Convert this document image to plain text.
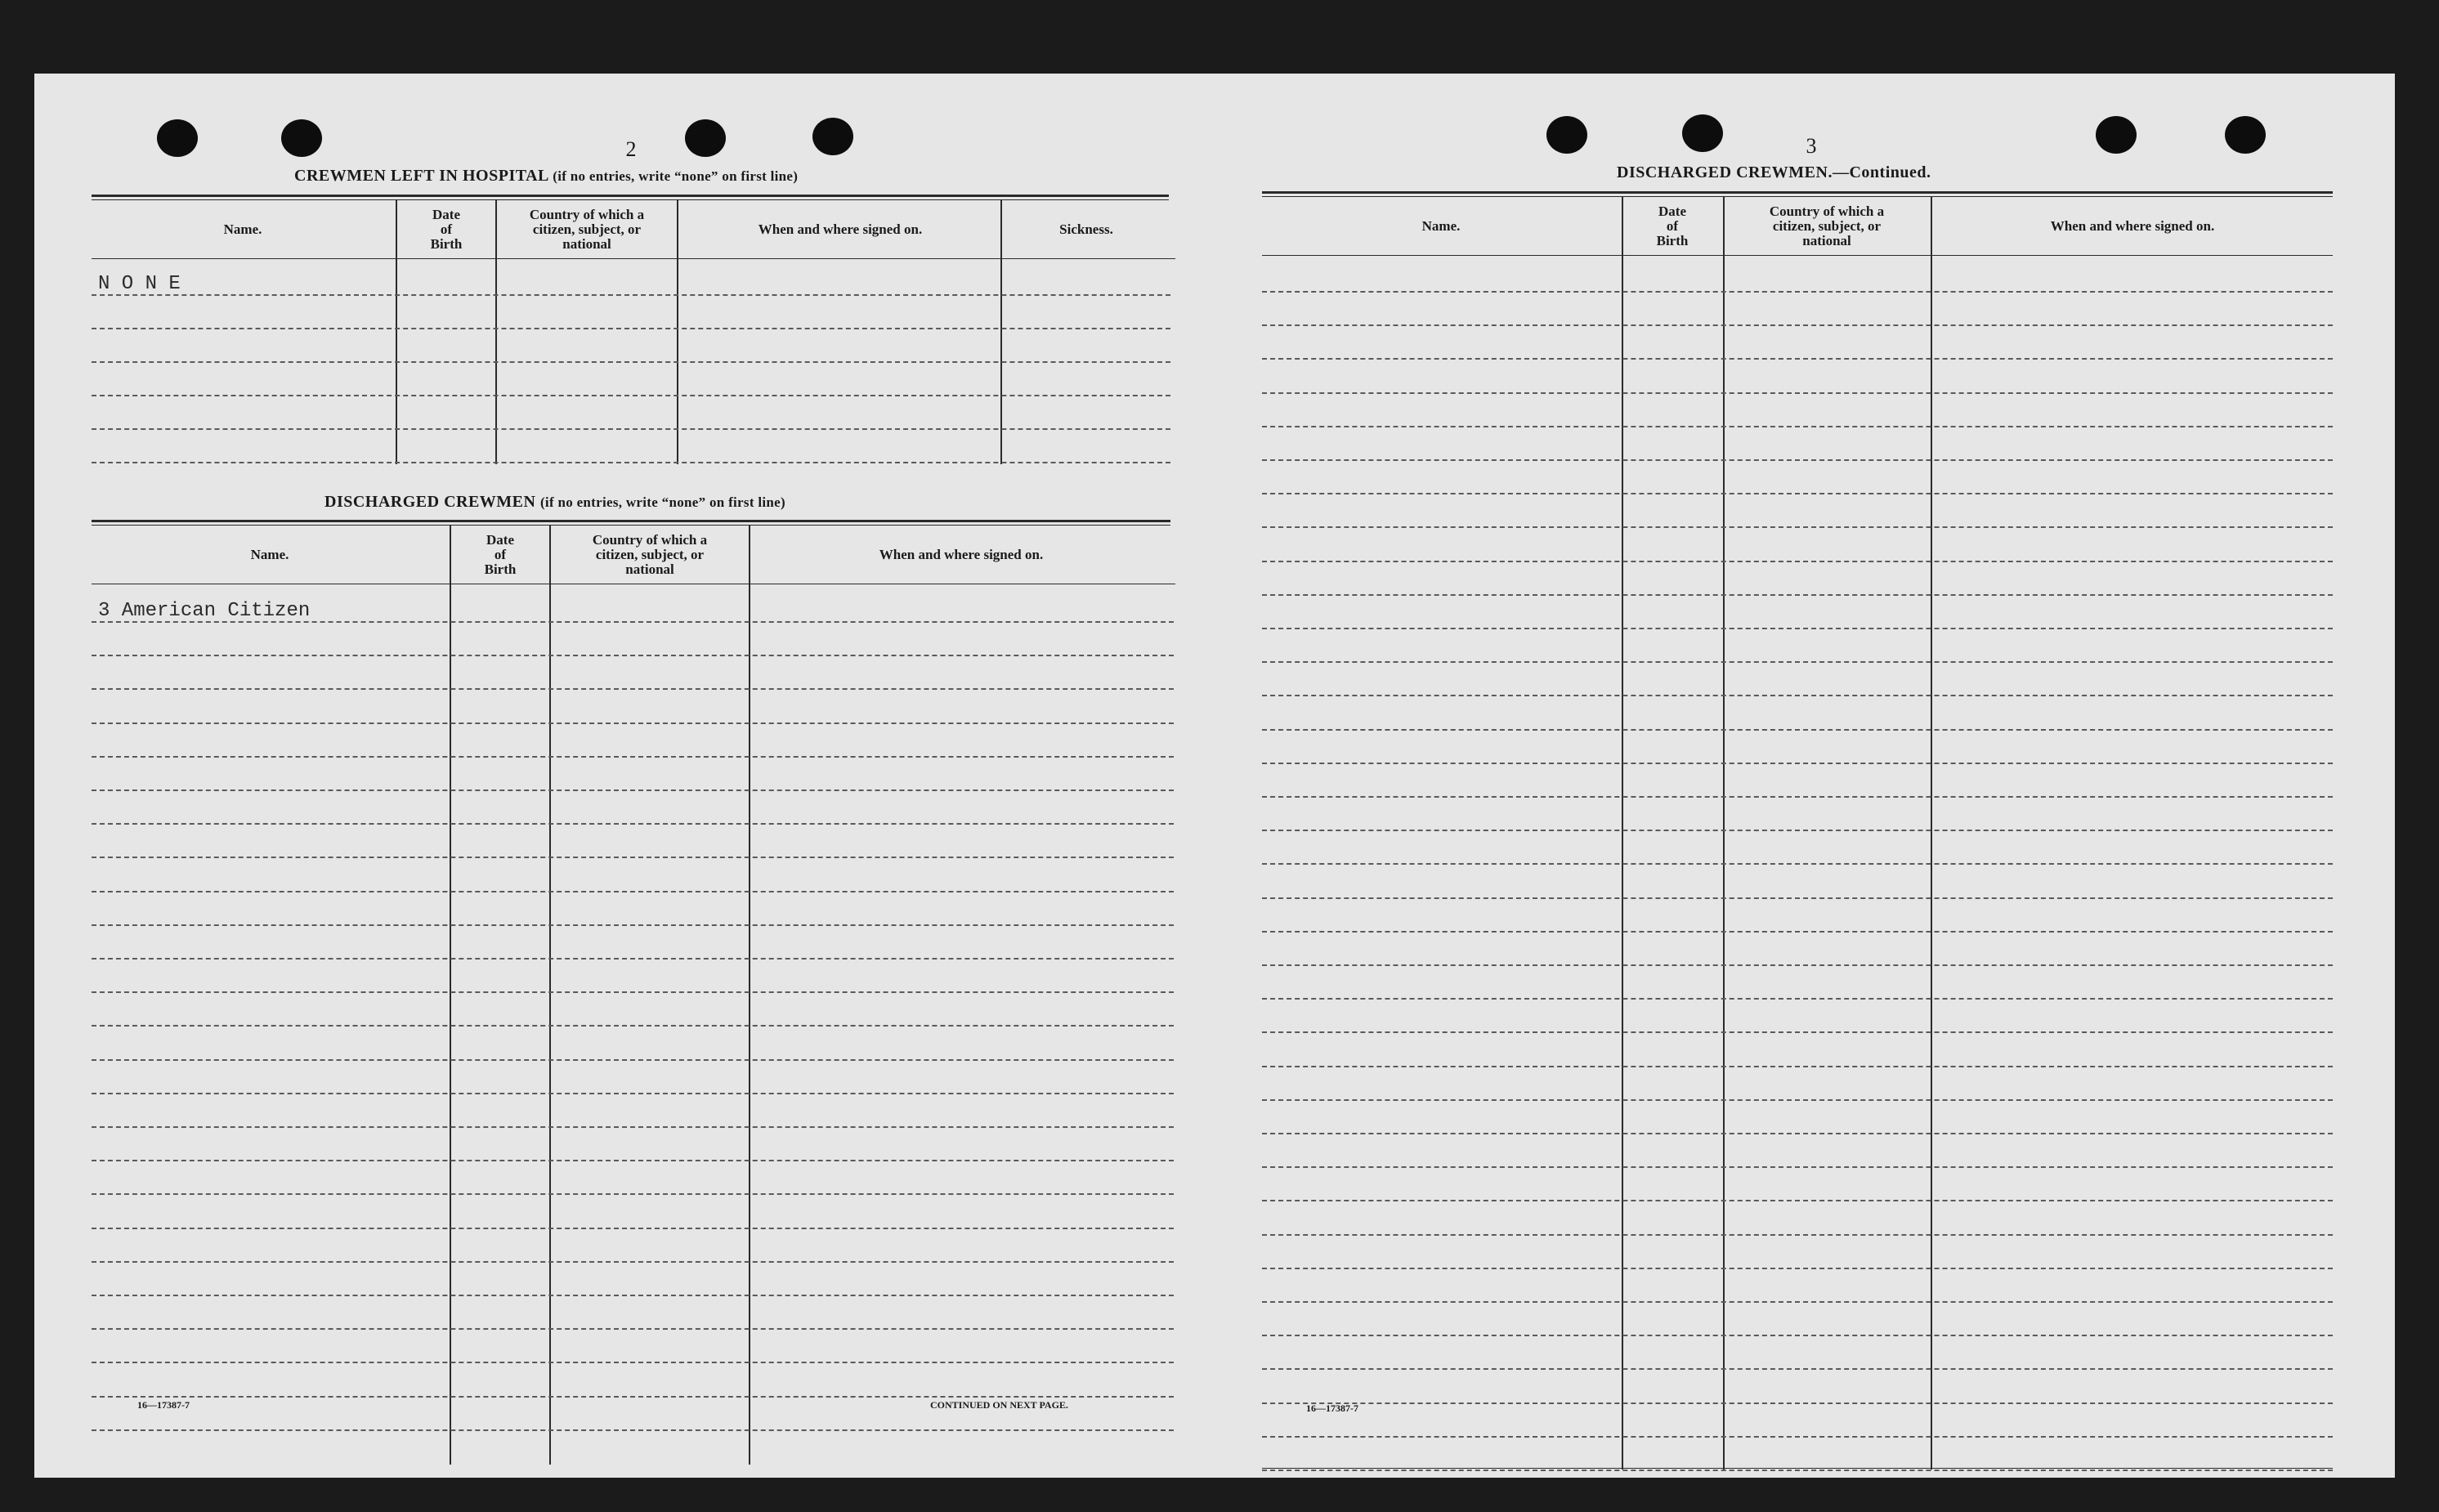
2
CREWMEN LEFT IN HOSPITAL (if no entries, write “none” on first line)
Name.
Date
of
Birth
Country of which a
citizen, subject, or
national
When and where signed on.	Sickness.
N O N E
DISCHARGED CREWMEN (if no entries, write “none” on first line)
Name.
Date
of
Birth
Country of which a
citizen, subject, or
national
When and where signed on.
3 American Citizen
16—17387-7	CONTINUED ON NEXT PAGE.
3
DISCHARGED CREWMEN.—Continued.
Name.
Date
of
Birth
Country of which a
citizen, subject, or
national
When and where signed on.
16—17387-7
